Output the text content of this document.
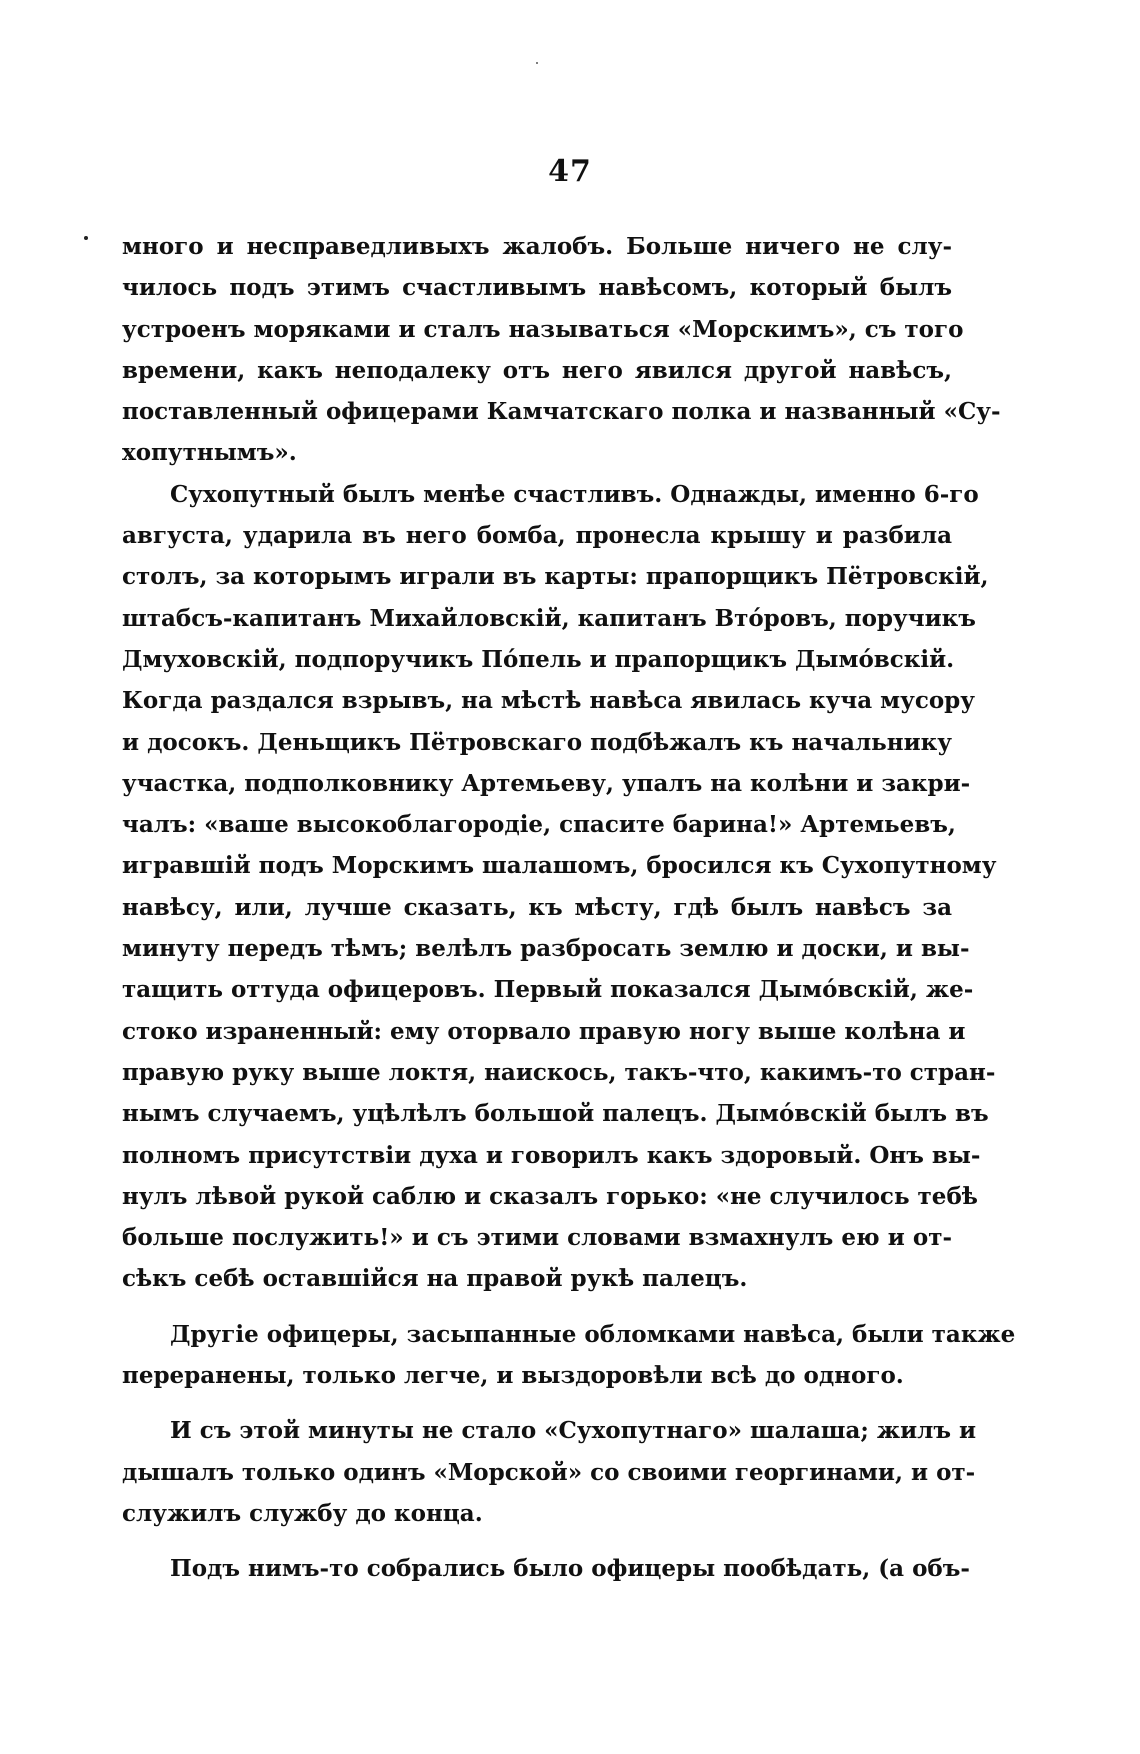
47
много и несправедливыхъ жалобъ. Больше ничего не слу-
чилось подъ этимъ счастливымъ навѣсомъ, который былъ
устроенъ моряками и сталъ называться «Морскимъ», съ того
времени, какъ неподалеку отъ него явился другой навѣсъ,
поставленный офицерами Камчатскаго полка и названный «Су-
хопутнымъ».
Сухопутный былъ менѣе счастливъ. Однажды, именно 6-го
августа, ударила въ него бомба, пронесла крышу и разбила
столъ, за которымъ играли въ карты: прапорщикъ Пётровскій,
штабсъ-капитанъ Михайловскій, капитанъ Вто́ровъ, поручикъ
Дмуховскій, подпоручикъ По́пель и прапорщикъ Дымо́вскій.
Когда раздался взрывъ, на мѣстѣ навѣса явилась куча мусору
и досокъ. Деньщикъ Пётровскаго подбѣжалъ къ начальнику
участка, подполковнику Артемьеву, упалъ на колѣни и закри-
чалъ: «ваше высокоблагородіе, спасите барина!» Артемьевъ,
игравшій подъ Морскимъ шалашомъ, бросился къ Сухопутному
навѣсу, или, лучше сказать, къ мѣсту, гдѣ былъ навѣсъ за
минуту передъ тѣмъ; велѣлъ разбросать землю и доски, и вы-
тащить оттуда офицеровъ. Первый показался Дымо́вскій, же-
стоко израненный: ему оторвало правую ногу выше колѣна и
правую руку выше локтя, наискось, такъ-что, какимъ-то стран-
нымъ случаемъ, уцѣлѣлъ большой палецъ. Дымо́вскій былъ въ
полномъ присутствіи духа и говорилъ какъ здоровый. Онъ вы-
нулъ лѣвой рукой саблю и сказалъ горько: «не случилось тебѣ
больше послужить!» и съ этими словами взмахнулъ ею и от-
сѣкъ себѣ оставшійся на правой рукѣ палецъ.
Другіе офицеры, засыпанные обломками навѣса, были также
переранены, только легче, и выздоровѣли всѣ до одного.
И съ этой минуты не стало «Сухопутнаго» шалаша; жилъ и
дышалъ только одинъ «Морской» со своими георгинами, и от-
служилъ службу до конца.
Подъ нимъ-то собрались было офицеры пообѣдать, (а объ-
